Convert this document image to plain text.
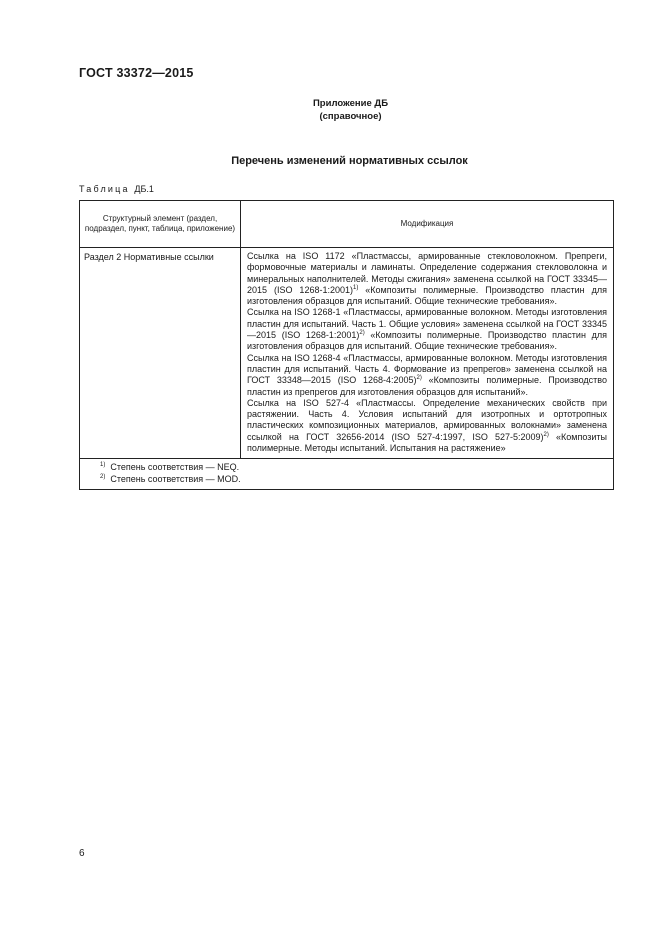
ГОСТ 33372—2015
Приложение ДБ
(справочное)
Перечень изменений нормативных ссылок
Таблица ДБ.1
Структурный элемент (раздел, подраздел, пункт, таблица, приложение)	Модификация
Раздел 2 Нормативные ссылки	Ссылка на ISO 1172 «Пластмассы, армированные стекловолокном. Препреги, формовочные материалы и ламинаты. Определение содержания стекловолокна и минеральных наполнителей. Методы сжигания» заменена ссылкой на ГОСТ 33345—2015 (ISO 1268-1:2001)$^{1)}$ «Композиты полимерные. Производство пластин для изготовления образцов для испытаний. Общие технические требования».

Ссылка на ISO 1268-1 «Пластмассы, армированные волокном. Методы изготовления пластин для испытаний. Часть 1. Общие условия» заменена ссылкой на ГОСТ 33345—2015 (ISO 1268-1:2001)$^{2)}$ «Композиты полимерные. Производство пластин для изготовления образцов для испытаний. Общие технические требования».

Ссылка на ISO 1268-4 «Пластмассы, армированные волокном. Методы изготовления пластин для испытаний. Часть 4. Формование из препрегов» заменена ссылкой на ГОСТ 33348—2015 (ISO 1268-4:2005)$^{2)}$ «Композиты полимерные. Производство пластин из препрегов для изготовления образцов для испытаний».

Ссылка на ISO 527-4 «Пластмассы. Определение механических свойств при растяжении. Часть 4. Условия испытаний для изотропных и ортотропных пластических композиционных материалов, армированных волокнами» заменена ссылкой на ГОСТ 32656-2014 (ISO 527-4:1997, ISO 527-5:2009)$^{2)}$ «Композиты полимерные. Методы испытаний. Испытания на растяжение»

$^{1)}$ Степень соответствия — NEQ.
$^{2)}$ Степень соответствия — MOD.	
6
